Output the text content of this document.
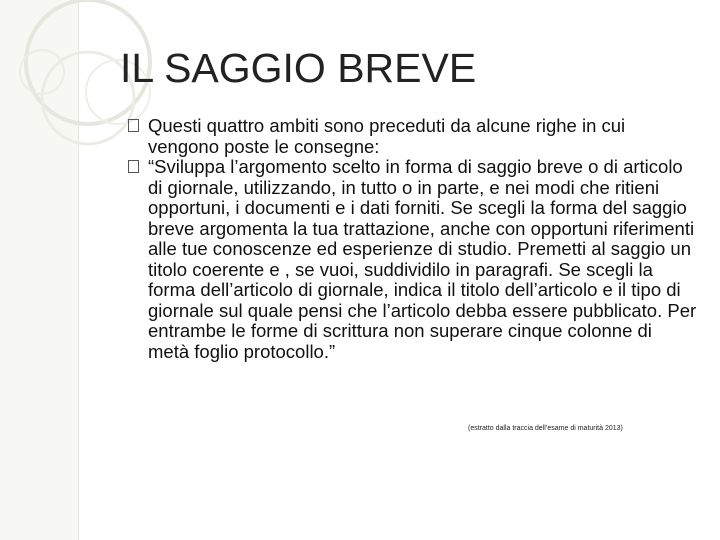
IL SAGGIO BREVE

Questi quattro ambiti sono preceduti da alcune righe in cui vengono poste le consegne:

“Sviluppa l’argomento scelto in forma di saggio breve o di articolo di giornale, utilizzando, in tutto o in parte, e nei modi che ritieni opportuni, i documenti e i dati forniti. Se scegli la forma del saggio breve argomenta la tua trattazione, anche con opportuni riferimenti alle tue conoscenze ed esperienze di studio. Premetti al saggio un titolo coerente e , se vuoi, suddividilo in paragrafi. Se scegli la forma dell’articolo di giornale, indica il titolo dell’articolo e il tipo di giornale sul quale pensi che l’articolo debba essere pubblicato. Per entrambe le forme di scrittura non superare cinque colonne di metà foglio protocollo.”

(estratto dalla traccia dell’esame di maturità 2013)
